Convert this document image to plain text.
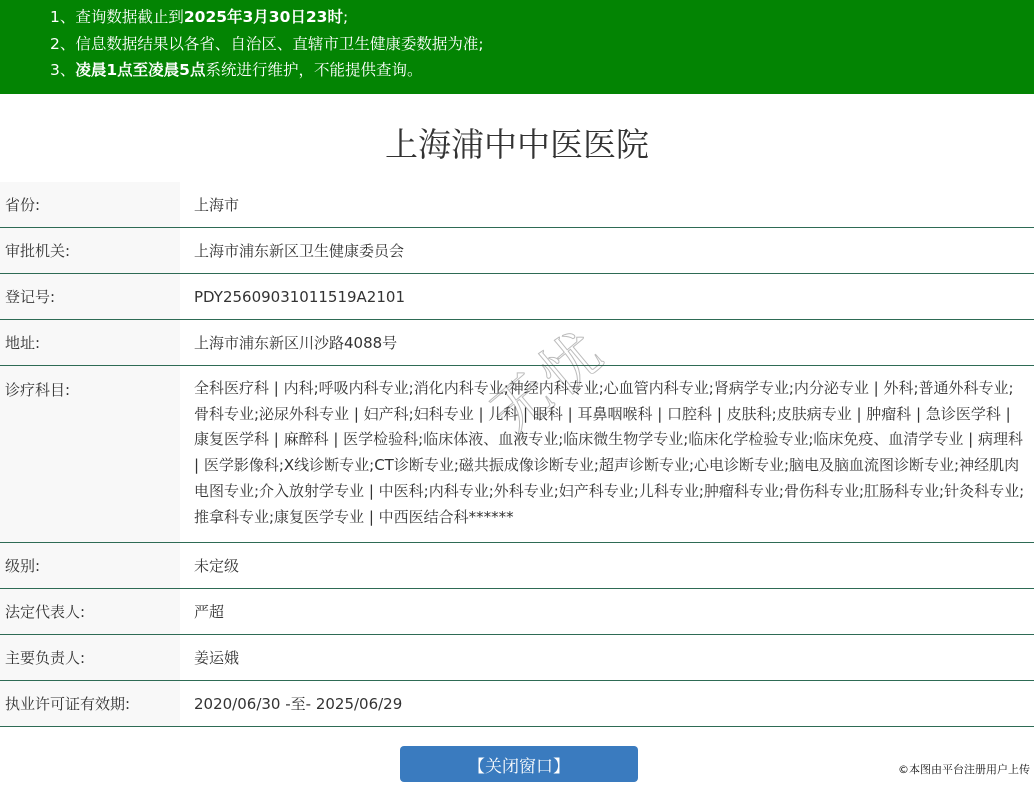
1、查询数据截止到2025年3月30日23时;
2、信息数据结果以各省、自治区、直辖市卫生健康委数据为准;
3、凌晨1点至凌晨5点系统进行维护，不能提供查询。
上海浦中中医医院
省份:	上海市
审批机关:	上海市浦东新区卫生健康委员会
登记号:	PDY25609031011519A2101
地址:	上海市浦东新区川沙路4088号
诊疗科目:	全科医疗科 | 内科;呼吸内科专业;消化内科专业;神经内科专业;心血管内科专业;肾病学专业;内分泌专业 | 外科;普通外科专业;骨科专业;泌尿外科专业 | 妇产科;妇科专业 | 儿科 | 眼科 | 耳鼻咽喉科 | 口腔科 | 皮肤科;皮肤病专业 | 肿瘤科 | 急诊医学科 | 康复医学科 | 麻醉科 | 医学检验科;临床体液、血液专业;临床微生物学专业;临床化学检验专业;临床免疫、血清学专业 | 病理科 | 医学影像科;X线诊断专业;CT诊断专业;磁共振成像诊断专业;超声诊断专业;心电诊断专业;脑电及脑血流图诊断专业;神经肌肉电图专业;介入放射学专业 | 中医科;内科专业;外科专业;妇产科专业;儿科专业;肿瘤科专业;骨伤科专业;肛肠科专业;针灸科专业;推拿科专业;康复医学专业 | 中西医结合科******
级别:	未定级
法定代表人:	严超
主要负责人:	姜运娥
执业许可证有效期:	2020/06/30 -至- 2025/06/29
无忧
【关闭窗口】	©本图由平台注册用户上传
